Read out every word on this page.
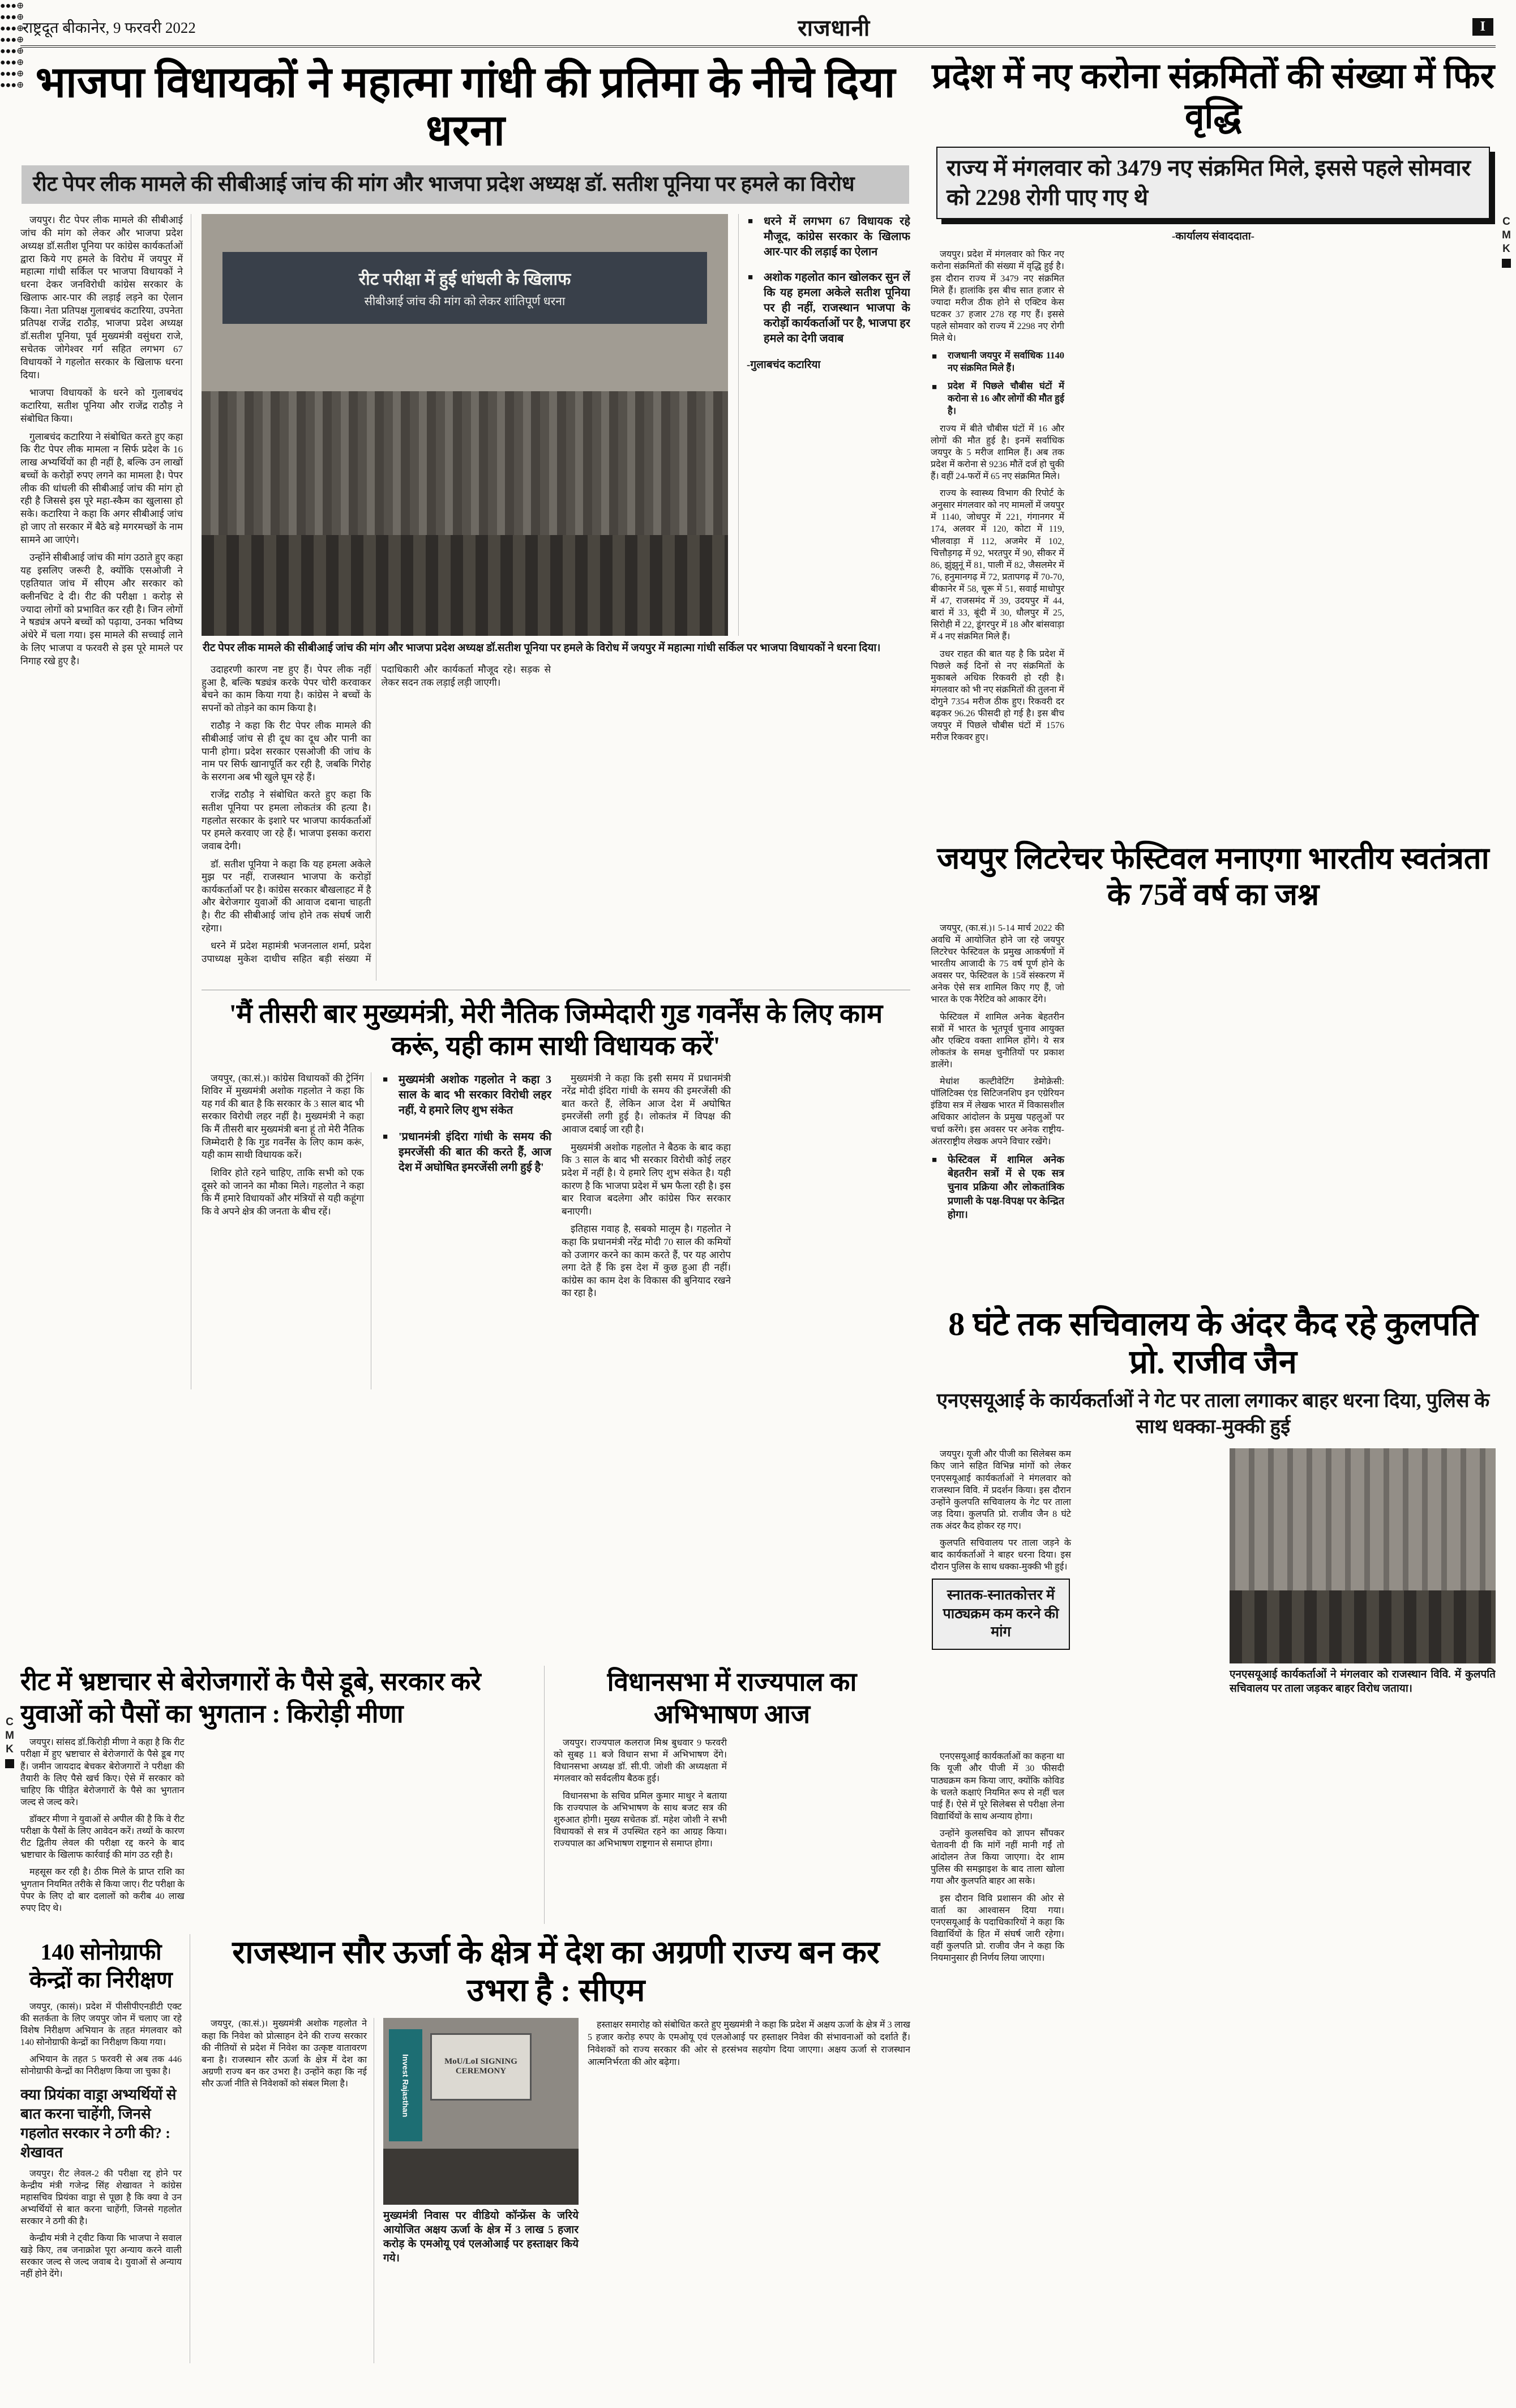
राष्ट्रदूत बीकानेर, 9 फरवरी 2022	राजधानी	I
C
M
K
C
M
K
भाजपा विधायकों ने महात्मा गांधी की प्रतिमा के नीचे दिया धरना
रीट पेपर लीक मामले की सीबीआई जांच की मांग और भाजपा प्रदेश अध्यक्ष डॉ. सतीश पूनिया पर हमले का विरोध

जयपुर। रीट पेपर लीक मामले की सीबीआई जांच की मांग को लेकर और भाजपा प्रदेश अध्यक्ष डॉ.सतीश पूनिया पर कांग्रेस कार्यकर्ताओं द्वारा किये गए हमले के विरोध में जयपुर में महात्मा गांधी सर्किल पर भाजपा विधायकों ने धरना देकर जनविरोधी कांग्रेस सरकार के खिलाफ आर-पार की लड़ाई लड़ने का ऐलान किया। नेता प्रतिपक्ष गुलाबचंद कटारिया, उपनेता प्रतिपक्ष राजेंद्र राठौड़, भाजपा प्रदेश अध्यक्ष डॉ.सतीश पूनिया, पूर्व मुख्यमंत्री वसुंधरा राजे, सचेतक जोगेश्वर गर्ग सहित लगभग 67 विधायकों ने गहलोत सरकार के खिलाफ धरना दिया।

भाजपा विधायकों के धरने को गुलाबचंद कटारिया, सतीश पूनिया और राजेंद्र राठौड़ ने संबोधित किया।

गुलाबचंद कटारिया ने संबोधित करते हुए कहा कि रीट पेपर लीक मामला न सिर्फ प्रदेश के 16 लाख अभ्यर्थियों का ही नहीं है, बल्कि उन लाखों बच्चों के करोड़ों रुपए लगने का मामला है। पेपर लीक की धांधली की सीबीआई जांच की मांग हो रही है जिससे इस पूरे महा-स्कैम का खुलासा हो सके। कटारिया ने कहा कि अगर सीबीआई जांच हो जाए तो सरकार में बैठे बड़े मगरमच्छों के नाम सामने आ जाएंगे।

उन्होंने सीबीआई जांच की मांग उठाते हुए कहा यह इसलिए जरूरी है, क्योंकि एसओजी ने एहतियात जांच में सीएम और सरकार को क्लीनचिट दे दी। रीट की परीक्षा 1 करोड़ से ज्यादा लोगों को प्रभावित कर रही है। जिन लोगों ने षड्यंत्र अपने बच्चों को पढ़ाया, उनका भविष्य अंधेरे में चला गया। इस मामले की सच्चाई लाने के लिए भाजपा व फरवरी से इस पूरे मामले पर निगाह रखे हुए है।

रीट परीक्षा में हुई धांधली के खिलाफ
सीबीआई जांच की मांग को लेकर शांतिपूर्ण धरना

■ धरने में लगभग 67 विधायक रहे मौजूद, कांग्रेस सरकार के खिलाफ आर-पार की लड़ाई का ऐलान

■ अशोक गहलोत कान खोलकर सुन लें कि यह हमला अकेले सतीश पूनिया पर ही नहीं, राजस्थान भाजपा के करोड़ों कार्यकर्ताओं पर है, भाजपा हर हमले का देगी जवाब

-गुलाबचंद कटारिया
रीट पेपर लीक मामले की सीबीआई जांच की मांग और भाजपा प्रदेश अध्यक्ष डॉ.सतीश पूनिया पर हमले के विरोध में जयपुर में महात्मा गांधी सर्किल पर भाजपा विधायकों ने धरना दिया।

उदाहरणी कारण नष्ट हुए हैं। पेपर लीक नहीं हुआ है, बल्कि षड्यंत्र करके पेपर चोरी करवाकर बेचने का काम किया गया है। कांग्रेस ने बच्चों के सपनों को तोड़ने का काम किया है।

राठौड़ ने कहा कि रीट पेपर लीक मामले की सीबीआई जांच से ही दूध का दूध और पानी का पानी होगा। प्रदेश सरकार एसओजी की जांच के नाम पर सिर्फ खानापूर्ति कर रही है, जबकि गिरोह के सरगना अब भी खुले घूम रहे हैं।

राजेंद्र राठौड़ ने संबोधित करते हुए कहा कि सतीश पूनिया पर हमला लोकतंत्र की हत्या है। गहलोत सरकार के इशारे पर भाजपा कार्यकर्ताओं पर हमले करवाए जा रहे हैं। भाजपा इसका करारा जवाब देगी।

डॉ. सतीश पूनिया ने कहा कि यह हमला अकेले मुझ पर नहीं, राजस्थान भाजपा के करोड़ों कार्यकर्ताओं पर है। कांग्रेस सरकार बौखलाहट में है और बेरोजगार युवाओं की आवाज दबाना चाहती है। रीट की सीबीआई जांच होने तक संघर्ष जारी रहेगा।

धरने में प्रदेश महामंत्री भजनलाल शर्मा, प्रदेश उपाध्यक्ष मुकेश दाधीच सहित बड़ी संख्या में पदाधिकारी और कार्यकर्ता मौजूद रहे। सड़क से लेकर सदन तक लड़ाई लड़ी जाएगी।

'मैं तीसरी बार मुख्यमंत्री, मेरी नैतिक जिम्मेदारी गुड गवर्नेंस के लिए काम करूं, यही काम साथी विधायक करें'

जयपुर, (का.सं.)। कांग्रेस विधायकों की ट्रेनिंग शिविर में मुख्यमंत्री अशोक गहलोत ने कहा कि यह गर्व की बात है कि सरकार के 3 साल बाद भी सरकार विरोधी लहर नहीं है। मुख्यमंत्री ने कहा कि मैं तीसरी बार मुख्यमंत्री बना हूं तो मेरी नैतिक जिम्मेदारी है कि गुड गवर्नेंस के लिए काम करूं, यही काम साथी विधायक करें।

शिविर होते रहने चाहिए, ताकि सभी को एक दूसरे को जानने का मौका मिले। गहलोत ने कहा कि मैं हमारे विधायकों और मंत्रियों से यही कहूंगा कि वे अपने क्षेत्र की जनता के बीच रहें।

■ मुख्यमंत्री अशोक गहलोत ने कहा 3 साल के बाद भी सरकार विरोधी लहर नहीं, ये हमारे लिए शुभ संकेत

■ 'प्रधानमंत्री इंदिरा गांधी के समय की इमरजेंसी की बात की करते हैं, आज देश में अघोषित इमरजेंसी लगी हुई है'

मुख्यमंत्री ने कहा कि इसी समय में प्रधानमंत्री नरेंद्र मोदी इंदिरा गांधी के समय की इमरजेंसी की बात करते हैं, लेकिन आज देश में अघोषित इमरजेंसी लगी हुई है। लोकतंत्र में विपक्ष की आवाज दबाई जा रही है।

मुख्यमंत्री अशोक गहलोत ने बैठक के बाद कहा कि 3 साल के बाद भी सरकार विरोधी कोई लहर प्रदेश में नहीं है। ये हमारे लिए शुभ संकेत है। यही कारण है कि भाजपा प्रदेश में भ्रम फैला रही है। इस बार रिवाज बदलेगा और कांग्रेस फिर सरकार बनाएगी।

इतिहास गवाह है, सबको मालूम है। गहलोत ने कहा कि प्रधानमंत्री नरेंद्र मोदी 70 साल की कमियों को उजागर करने का काम करते हैं, पर यह आरोप लगा देते हैं कि इस देश में कुछ हुआ ही नहीं। कांग्रेस का काम देश के विकास की बुनियाद रखने का रहा है।

प्रदेश में नए करोना संक्रमितों की संख्या में फिर वृद्धि
राज्य में मंगलवार को 3479 नए संक्रमित मिले, इससे पहले सोमवार को 2298 रोगी पाए गए थे
-कार्यालय संवाददाता-

जयपुर। प्रदेश में मंगलवार को फिर नए करोना संक्रमितों की संख्या में वृद्धि हुई है। इस दौरान राज्य में 3479 नए संक्रमित मिले हैं। हालांकि इस बीच सात हजार से ज्यादा मरीज ठीक होने से एक्टिव केस घटकर 37 हजार 278 रह गए हैं। इससे पहले सोमवार को राज्य में 2298 नए रोगी मिले थे।

■ राजधानी जयपुर में सर्वाधिक 1140 नए संक्रमित मिले हैं।

■ प्रदेश में पिछले चौबीस घंटों में करोना से 16 और लोगों की मौत हुई है।

राज्य में बीते चौबीस घंटों में 16 और लोगों की मौत हुई है। इनमें सर्वाधिक जयपुर के 5 मरीज शामिल हैं। अब तक प्रदेश में करोना से 9236 मौतें दर्ज हो चुकी हैं। वहीं 24-फरों में 65 नए संक्रमित मिले।

राज्य के स्वास्थ्य विभाग की रिपोर्ट के अनुसार मंगलवार को नए मामलों में जयपुर में 1140, जोधपुर में 221, गंगानगर में 174, अलवर में 120, कोटा में 119, भीलवाड़ा में 112, अजमेर में 102, चित्तौड़गढ़ में 92, भरतपुर में 90, सीकर में 86, झुंझुनूं में 81, पाली में 82, जैसलमेर में 76, हनुमानगढ़ में 72, प्रतापगढ़ में 70-70, बीकानेर में 58, चूरू में 51, सवाई माधोपुर में 47, राजसमंद में 39, उदयपुर में 44, बारां में 33, बूंदी में 30, धौलपुर में 25, सिरोही में 22, डूंगरपुर में 18 और बांसवाड़ा में 4 नए संक्रमित मिले हैं।

उधर राहत की बात यह है कि प्रदेश में पिछले कई दिनों से नए संक्रमितों के मुकाबले अधिक रिकवरी हो रही है। मंगलवार को भी नए संक्रमितों की तुलना में दोगुने 7354 मरीज ठीक हुए। रिकवरी दर बढ़कर 96.26 फीसदी हो गई है। इस बीच जयपुर में पिछले चौबीस घंटों में 1576 मरीज रिकवर हुए।

जयपुर लिटरेचर फेस्टिवल मनाएगा भारतीय स्वतंत्रता के 75वें वर्ष का जश्न

जयपुर, (का.सं.)। 5-14 मार्च 2022 की अवधि में आयोजित होने जा रहे जयपुर लिटरेचर फेस्टिवल के प्रमुख आकर्षणों में भारतीय आजादी के 75 वर्ष पूर्ण होने के अवसर पर, फेस्टिवल के 15वें संस्करण में अनेक ऐसे सत्र शामिल किए गए हैं, जो भारत के एक नैरेटिव को आकार देंगे।

फेस्टिवल में शामिल अनेक बेहतरीन सत्रों में भारत के भूतपूर्व चुनाव आयुक्त और एक्टिव वक्ता शामिल होंगे। ये सत्र लोकतंत्र के समक्ष चुनौतियों पर प्रकाश डालेंगे।

मेधांश कल्टीवेटिंग डेमोक्रेसी: पॉलिटिक्स एंड सिटिजनशिप इन एग्रेरियन इंडिया सत्र में लेखक भारत में विकासशील अधिकार आंदोलन के प्रमुख पहलुओं पर चर्चा करेंगे। इस अवसर पर अनेक राष्ट्रीय-अंतरराष्ट्रीय लेखक अपने विचार रखेंगे।

■ फेस्टिवल में शामिल अनेक बेहतरीन सत्रों में से एक सत्र चुनाव प्रक्रिया और लोकतांत्रिक प्रणाली के पक्ष-विपक्ष पर केन्द्रित होगा।

8 घंटे तक सचिवालय के अंदर कैद रहे कुलपति प्रो. राजीव जैन
एनएसयूआई के कार्यकर्ताओं ने गेट पर ताला लगाकर बाहर धरना दिया, पुलिस के साथ धक्का-मुक्की हुई

जयपुर। यूजी और पीजी का सिलेबस कम किए जाने सहित विभिन्न मांगों को लेकर एनएसयूआई कार्यकर्ताओं ने मंगलवार को राजस्थान विवि. में प्रदर्शन किया। इस दौरान उन्होंने कुलपति सचिवालय के गेट पर ताला जड़ दिया। कुलपति प्रो. राजीव जैन 8 घंटे तक अंदर कैद होकर रह गए।

कुलपति सचिवालय पर ताला जड़ने के बाद कार्यकर्ताओं ने बाहर धरना दिया। इस दौरान पुलिस के साथ धक्का-मुक्की भी हुई।

स्नातक-स्नातकोत्तर में पाठ्यक्रम कम करने की मांग
एनएसयूआई कार्यकर्ताओं ने मंगलवार को राजस्थान विवि. में कुलपति सचिवालय पर ताला जड़कर बाहर विरोध जताया।

एनएसयूआई कार्यकर्ताओं का कहना था कि यूजी और पीजी में 30 फीसदी पाठ्यक्रम कम किया जाए, क्योंकि कोविड के चलते कक्षाएं नियमित रूप से नहीं चल पाई हैं। ऐसे में पूरे सिलेबस से परीक्षा लेना विद्यार्थियों के साथ अन्याय होगा।

उन्होंने कुलसचिव को ज्ञापन सौंपकर चेतावनी दी कि मांगें नहीं मानी गईं तो आंदोलन तेज किया जाएगा। देर शाम पुलिस की समझाइश के बाद ताला खोला गया और कुलपति बाहर आ सके।

इस दौरान विवि प्रशासन की ओर से वार्ता का आश्वासन दिया गया। एनएसयूआई के पदाधिकारियों ने कहा कि विद्यार्थियों के हित में संघर्ष जारी रहेगा। वहीं कुलपति प्रो. राजीव जैन ने कहा कि नियमानुसार ही निर्णय लिया जाएगा।

रीट में भ्रष्टाचार से बेरोजगारों के पैसे डूबे, सरकार करे युवाओं को पैसों का भुगतान : किरोड़ी मीणा

जयपुर। सांसद डॉ.किरोड़ी मीणा ने कहा है कि रीट परीक्षा में हुए भ्रष्टाचार से बेरोजगारों के पैसे डूब गए हैं। जमीन जायदाद बेचकर बेरोजगारों ने परीक्षा की तैयारी के लिए पैसे खर्च किए। ऐसे में सरकार को चाहिए कि पीड़ित बेरोजगारों के पैसे का भुगतान जल्द से जल्द करे।

डॉक्टर मीणा ने युवाओं से अपील की है कि वे रीट परीक्षा के पैसों के लिए आवेदन करें। तथ्यों के कारण रीट द्वितीय लेवल की परीक्षा रद्द करने के बाद भ्रष्टाचार के खिलाफ कार्रवाई की मांग उठ रही है।

महसूस कर रही है। ठीक मिले के प्राप्त राशि का भुगतान नियमित तरीके से किया जाए। रीट परीक्षा के पेपर के लिए दो बार दलालों को करीब 40 लाख रुपए दिए थे।

विधानसभा में राज्यपाल का अभिभाषण आज

जयपुर। राज्यपाल कलराज मिश्र बुधवार 9 फरवरी को सुबह 11 बजे विधान सभा में अभिभाषण देंगे। विधानसभा अध्यक्ष डॉ. सी.पी. जोशी की अध्यक्षता में मंगलवार को सर्वदलीय बैठक हुई।

विधानसभा के सचिव प्रमिल कुमार माथुर ने बताया कि राज्यपाल के अभिभाषण के साथ बजट सत्र की शुरुआत होगी। मुख्य सचेतक डॉ. महेश जोशी ने सभी विधायकों से सत्र में उपस्थित रहने का आग्रह किया। राज्यपाल का अभिभाषण राष्ट्रगान से समाप्त होगा।

140 सोनोग्राफी केन्द्रों का निरीक्षण

जयपुर, (कासं)। प्रदेश में पीसीपीएनडीटी एक्ट की सतर्कता के लिए जयपुर जोन में चलाए जा रहे विशेष निरीक्षण अभियान के तहत मंगलवार को 140 सोनोग्राफी केन्द्रों का निरीक्षण किया गया।

अभियान के तहत 5 फरवरी से अब तक 446 सोनोग्राफी केन्द्रों का निरीक्षण किया जा चुका है।

क्या प्रियंका वाड्रा अभ्यर्थियों से बात करना चाहेंगी, जिनसे गहलोत सरकार ने ठगी की? : शेखावत

जयपुर। रीट लेवल-2 की परीक्षा रद्द होने पर केन्द्रीय मंत्री गजेन्द्र सिंह शेखावत ने कांग्रेस महासचिव प्रियंका वाड्रा से पूछा है कि क्या वे उन अभ्यर्थियों से बात करना चाहेंगी, जिनसे गहलोत सरकार ने ठगी की है।

केन्द्रीय मंत्री ने ट्वीट किया कि भाजपा ने सवाल खड़े किए, तब जनाक्रोश पूरा अन्याय करने वाली सरकार जल्द से जल्द जवाब दे। युवाओं से अन्याय नहीं होने देंगे।

राजस्थान सौर ऊर्जा के क्षेत्र में देश का अग्रणी राज्य बन कर उभरा है : सीएम

जयपुर, (का.सं.)। मुख्यमंत्री अशोक गहलोत ने कहा कि निवेश को प्रोत्साहन देने की राज्य सरकार की नीतियों से प्रदेश में निवेश का उत्कृष्ट वातावरण बना है। राजस्थान सौर ऊर्जा के क्षेत्र में देश का अग्रणी राज्य बन कर उभरा है। उन्होंने कहा कि नई सौर ऊर्जा नीति से निवेशकों को संबल मिला है।	Invest Rajasthan	MoU/LoI SIGNING CEREMONY
मुख्यमंत्री निवास पर वीडियो कॉन्फ्रेंस के जरिये आयोजित अक्षय ऊर्जा के क्षेत्र में 3 लाख 5 हजार करोड़ के एमओयू एवं एलओआई पर हस्ताक्षर किये गये।

हस्ताक्षर समारोह को संबोधित करते हुए मुख्यमंत्री ने कहा कि प्रदेश में अक्षय ऊर्जा के क्षेत्र में 3 लाख 5 हजार करोड़ रुपए के एमओयू एवं एलओआई पर हस्ताक्षर निवेश की संभावनाओं को दर्शाते हैं। निवेशकों को राज्य सरकार की ओर से हरसंभव सहयोग दिया जाएगा। अक्षय ऊर्जा से राजस्थान आत्मनिर्भरता की ओर बढ़ेगा।

●●●⊕
●●●⊕
●●●⊕
●●●⊕
●●●⊕
●●●⊕
●●●⊕
●●●⊕
